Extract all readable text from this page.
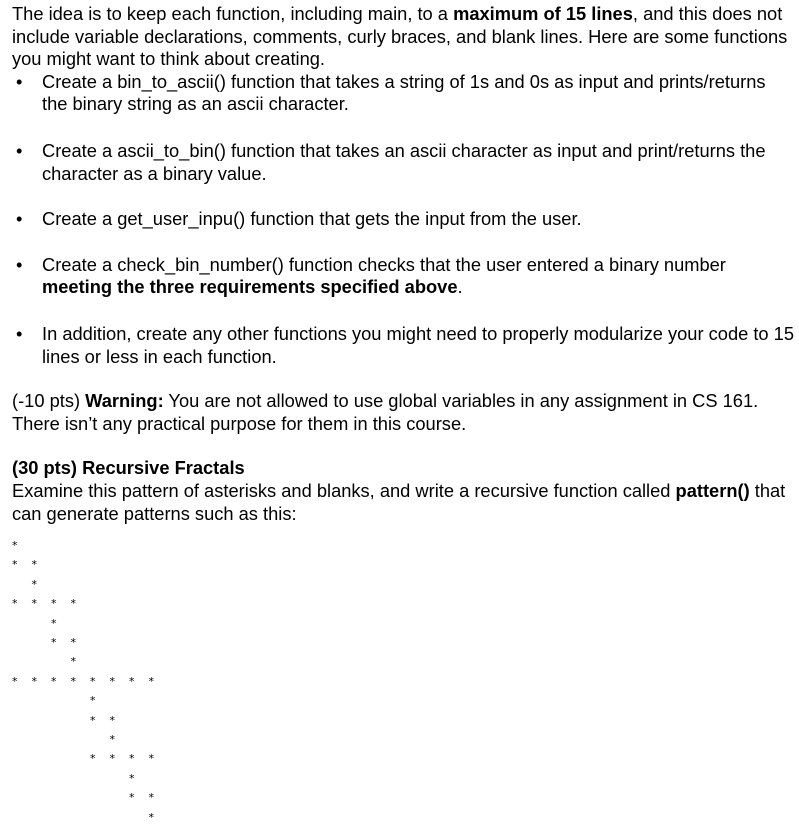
The idea is to keep each function, including main, to a maximum of 15 lines, and this does not include variable declarations, comments, curly braces, and blank lines. Here are some functions you might want to think about creating.

• Create a bin_to_ascii() function that takes a string of 1s and 0s as input and prints/returns the binary string as an ascii character.
• Create a ascii_to_bin() function that takes an ascii character as input and print/returns the character as a binary value.
• Create a get_user_inpu() function that gets the input from the user.
• Create a check_bin_number() function checks that the user entered a binary number meeting the three requirements specified above.
• In addition, create any other functions you might need to properly modularize your code to 15 lines or less in each function.

(-10 pts) Warning: You are not allowed to use global variables in any assignment in CS 161. There isn’t any practical purpose for them in this course.

(30 pts) Recursive Fractals

Examine this pattern of asterisks and blanks, and write a recursive function called pattern() that can generate patterns such as this:

*
* *
*
* * * *
*
* *
*
* * * * * * * *
*
* *
*
* * * *
*
* *
*
